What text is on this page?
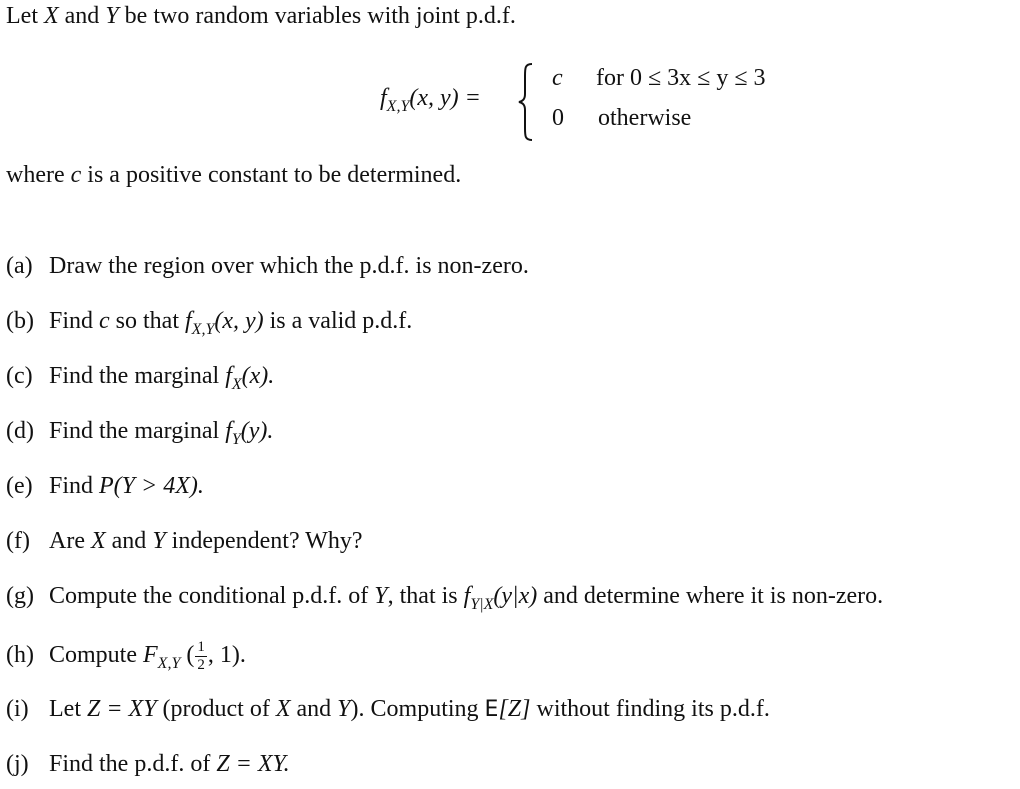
Let X and Y be two random variables with joint p.d.f.
$f_{X,Y}(x$, y) =
c for 0 ≤ 3x ≤ y ≤ 3
0 otherwise
where c is a positive constant to be determined.
(a) Draw the region over which the p.d.f. is non-zero.
(b) Find c so that $f_{X,Y}(x$, y) is a valid p.d.f.
(c) Find the marginal $f_X(x)$.
(d) Find the marginal $f_Y(y)$.
(e) Find P(Y > 4X).
(f) Are X and Y independent? Why?
(g) Compute the conditional p.d.f. of Y, that is $f_{Y|X}(y|x)$ and determine where it is non-zero.
(h) Compute $F_{X,Y}$ ( $\frac{1}{2}$ , 1).
(i) Let Z = XY (product of X and Y). Computing E[Z] without finding its p.d.f.
(j) Find the p.d.f. of Z = XY.
